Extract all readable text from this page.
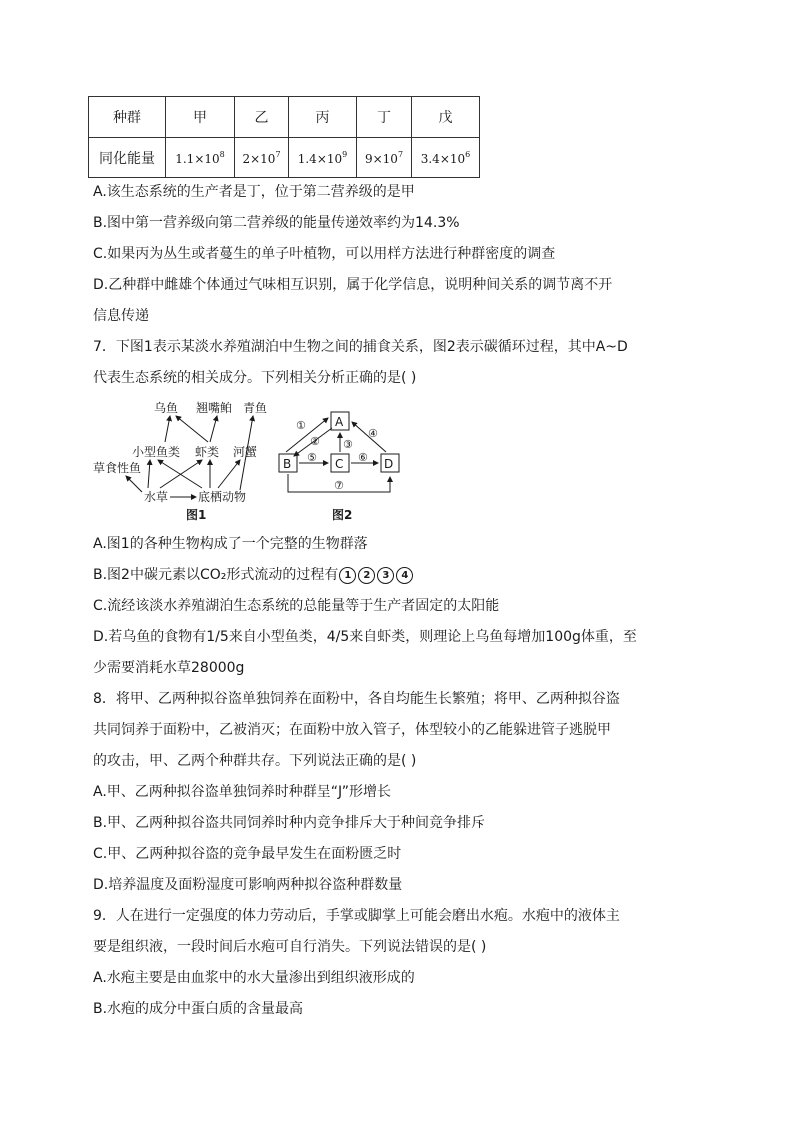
种群	甲	乙	丙	丁	戊
同化能量	$1.1\times 10^8$	$2\times 10^7$	$1.4\times 10^9$	$9\times 10^7$	$3.4\times 10^6$
A.该生态系统的生产者是丁，位于第二营养级的是甲
B.图中第一营养级向第二营养级的能量传递效率约为14.3%
C.如果丙为丛生或者蔓生的单子叶植物，可以用样方法进行种群密度的调查
D.乙种群中雌雄个体通过气味相互识别，属于化学信息，说明种间关系的调节离不开
信息传递
7．下图1表示某淡水养殖湖泊中生物之间的捕食关系，图2表示碳循环过程，其中A~D
代表生态系统的相关成分。下列相关分析正确的是( )
乌鱼 翘嘴鲌 青鱼
小型鱼类 虾类 河蟹
草食性鱼
水草 底栖动物
图1
A
B	C	D
①
② ③
④
⑤	⑥
⑦
图2
A.图1的各种生物构成了一个完整的生物群落
B.图2中碳元素以CO₂形式流动的过程有 1 2 3 4
C.流经该淡水养殖湖泊生态系统的总能量等于生产者固定的太阳能
D.若乌鱼的食物有1/5来自小型鱼类，4/5来自虾类，则理论上乌鱼每增加100g体重，至
少需要消耗水草28000g
8．将甲、乙两种拟谷盗单独饲养在面粉中，各自均能生长繁殖；将甲、乙两种拟谷盗
共同饲养于面粉中，乙被消灭；在面粉中放入管子，体型较小的乙能躲进管子逃脱甲
的攻击，甲、乙两个种群共存。下列说法正确的是( )
A.甲、乙两种拟谷盗单独饲养时种群呈“J”形增长
B.甲、乙两种拟谷盗共同饲养时种内竞争排斥大于种间竞争排斥
C.甲、乙两种拟谷盗的竞争最早发生在面粉匮乏时
D.培养温度及面粉湿度可影响两种拟谷盗种群数量
9．人在进行一定强度的体力劳动后，手掌或脚掌上可能会磨出水疱。水疱中的液体主
要是组织液，一段时间后水疱可自行消失。下列说法错误的是( )
A.水疱主要是由血浆中的水大量渗出到组织液形成的
B.水疱的成分中蛋白质的含量最高
